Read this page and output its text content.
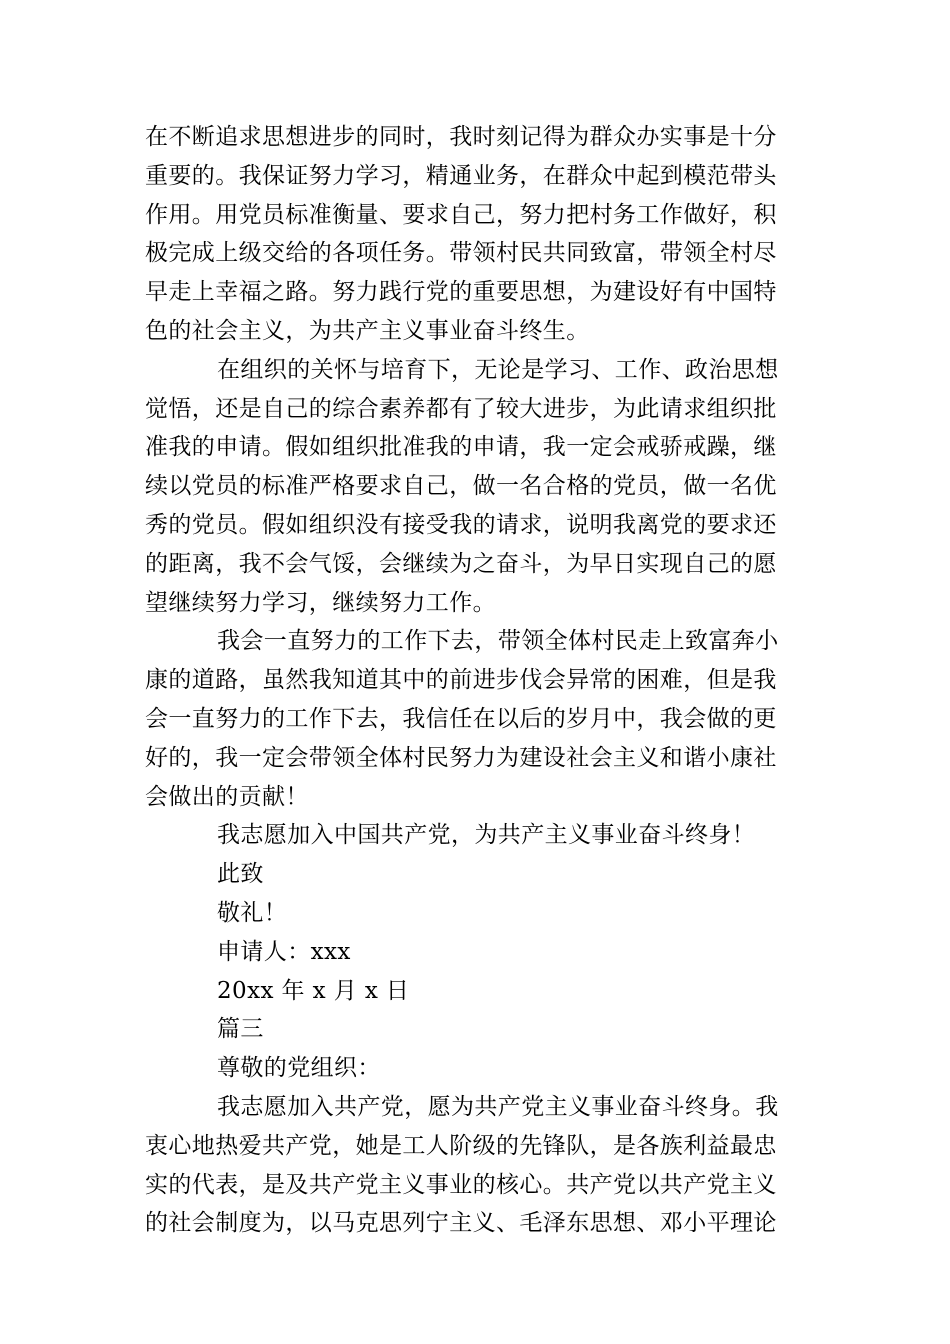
在不断追求思想进步的同时，我时刻记得为群众办实事是十分
重要的。我保证努力学习，精通业务，在群众中起到模范带头
作用。用党员标准衡量、要求自己，努力把村务工作做好，积
极完成上级交给的各项任务。带领村民共同致富，带领全村尽
早走上幸福之路。努力践行党的重要思想，为建设好有中国特
色的社会主义，为共产主义事业奋斗终生。
在组织的关怀与培育下，无论是学习、工作、政治思想
觉悟，还是自己的综合素养都有了较大进步，为此请求组织批
准我的申请。假如组织批准我的申请，我一定会戒骄戒躁，继
续以党员的标准严格要求自己，做一名合格的党员，做一名优
秀的党员。假如组织没有接受我的请求，说明我离党的要求还
的距离，我不会气馁，会继续为之奋斗，为早日实现自己的愿
望继续努力学习，继续努力工作。
我会一直努力的工作下去，带领全体村民走上致富奔小
康的道路，虽然我知道其中的前进步伐会异常的困难，但是我
会一直努力的工作下去，我信任在以后的岁月中，我会做的更
好的，我一定会带领全体村民努力为建设社会主义和谐小康社
会做出的贡献！
我志愿加入中国共产党，为共产主义事业奋斗终身！
此致
敬礼！
申请人：xxx
20xx 年 x 月 x 日
篇三
尊敬的党组织：
我志愿加入共产党，愿为共产党主义事业奋斗终身。我
衷心地热爱共产党，她是工人阶级的先锋队，是各族利益最忠
实的代表，是及共产党主义事业的核心。共产党以共产党主义
的社会制度为，以马克思列宁主义、毛泽东思想、邓小平理论
